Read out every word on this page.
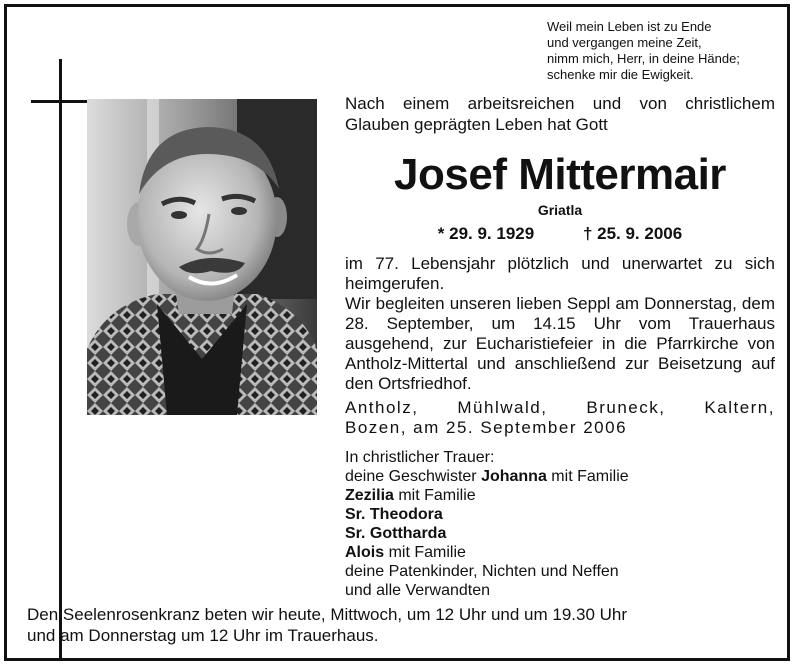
Weil mein Leben ist zu Ende
und vergangen meine Zeit,
nimm mich, Herr, in deine Hände;
schenke mir die Ewigkeit.
Nach einem arbeitsreichen und von christlichem Glauben geprägten Leben hat Gott
Josef Mittermair
Griatla
* 29. 9. 1929	† 25. 9. 2006

im 77. Lebensjahr plötzlich und unerwartet zu sich heimgerufen.

Wir begleiten unseren lieben Seppl am Donnerstag, dem 28. September, um 14.15 Uhr vom Trauerhaus ausgehend, zur Eucharistiefeier in die Pfarrkirche von Antholz-Mittertal und anschließend zur Beisetzung auf den Ortsfriedhof.

Antholz, Mühlwald, Bruneck, Kaltern,

Bozen, am 25. September 2006

In christlicher Trauer:
deine Geschwister Johanna mit Familie
Zezilia mit Familie
Sr. Theodora
Sr. Gotthardа
Alois mit Familie
deine Patenkinder, Nichten und Neffen
und alle Verwandten
Den Seelenrosenkranz beten wir heute, Mittwoch, um 12 Uhr und um 19.30 Uhr
und am Donnerstag um 12 Uhr im Trauerhaus.
